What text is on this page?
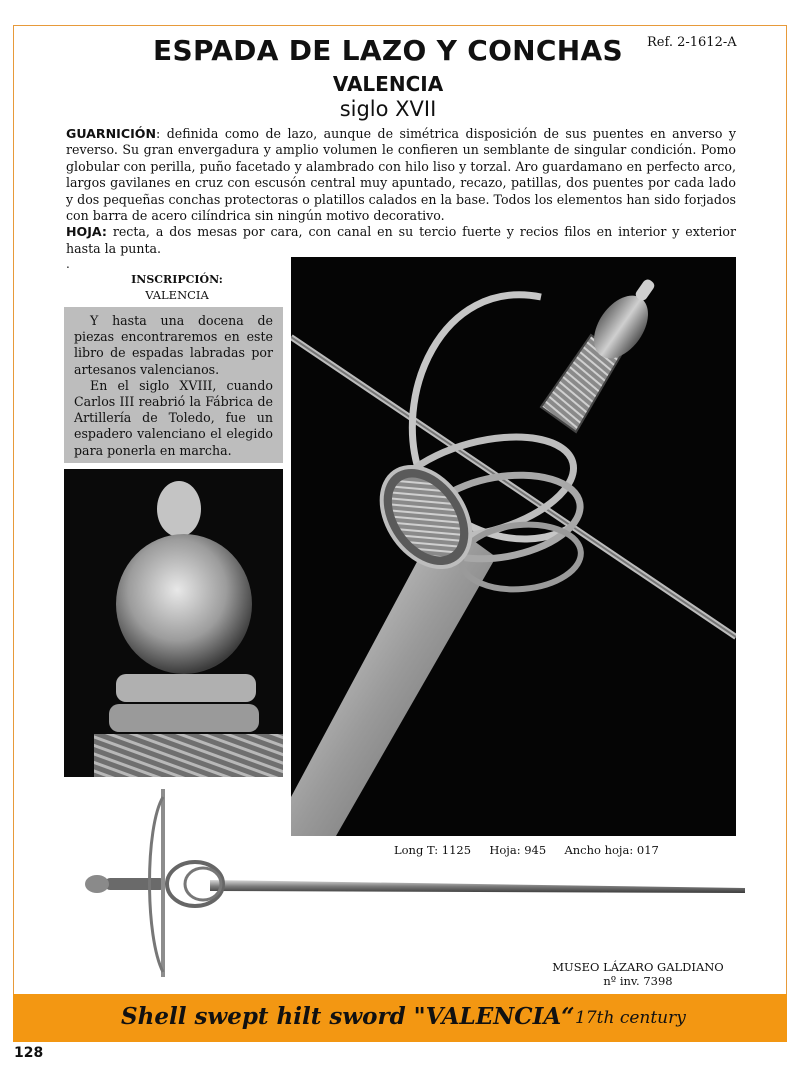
ESPADA DE LAZO Y CONCHAS	Ref. 2-1612-A
VALENCIA
siglo XVII

GUARNICIÓN: definida como de lazo, aunque de simétrica disposición de sus puentes en anverso y reverso. Su gran envergadura y amplio volumen le confieren un semblante de singular condición. Pomo globular con perilla, puño facetado y alambrado con hilo liso y torzal. Aro guardamano en perfecto arco, largos gavilanes en cruz con escusón central muy apuntado, recazo, patillas, dos puentes por cada lado y dos pequeñas conchas protectoras o platillos calados en la base. Todos los elementos han sido forjados con barra de acero cilíndrica sin ningún motivo decorativo.

HOJA: recta, a dos mesas por cara, con canal en su tercio fuerte y recios filos en interior y exterior hasta la punta.

.
INSCRIPCIÓN:
VALENCIA

Y hasta una docena de piezas encontraremos en este libro de espadas labradas por artesanos valencianos.

En el siglo XVIII, cuando Carlos III reabrió la Fábrica de Artillería de Toledo, fue un espadero valenciano el elegido para ponerla en marcha.

Long T: 1125 Hoja: 945 Ancho hoja: 017
MUSEO LÁZARO GALDIANO
nº inv. 7398
Shell swept hilt sword "VALENCIA“ 17th century
128
